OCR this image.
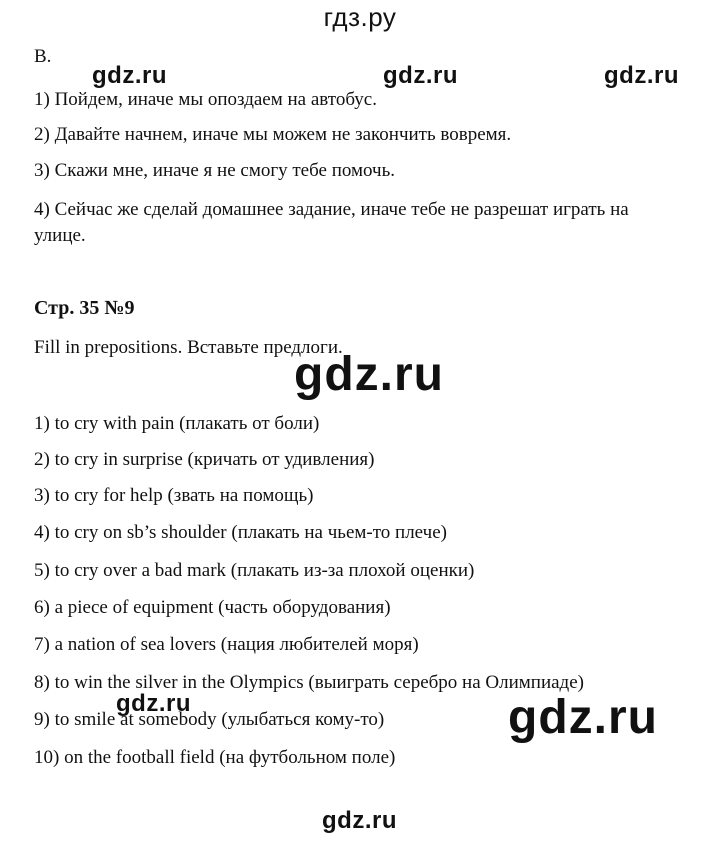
гдз.ру
B.
1) Пойдем, иначе мы опоздаем на автобус.
2) Давайте начнем, иначе мы можем не закончить вовремя.
3) Скажи мне, иначе я не смогу тебе помочь.
4) Сейчас же сделай домашнее задание, иначе тебе не разрешат играть на
улице.
Стр. 35 №9
Fill in prepositions. Вставьте предлоги.
1) to cry with pain (плакать от боли)
2) to cry in surprise (кричать от удивления)
3) to cry for help (звать на помощь)
4) to cry on sb’s shoulder (плакать на чьем-то плече)
5) to cry over a bad mark (плакать из-за плохой оценки)
6) a piece of equipment (часть оборудования)
7) a nation of sea lovers (нация любителей моря)
8) to win the silver in the Olympics (выиграть серебро на Олимпиаде)
9) to smile at somebody (улыбаться кому-то)
10) on the football field (на футбольном поле)
gdz.ru	gdz.ru	gdz.ru
gdz.ru
gdz.ru	gdz.ru
gdz.ru
